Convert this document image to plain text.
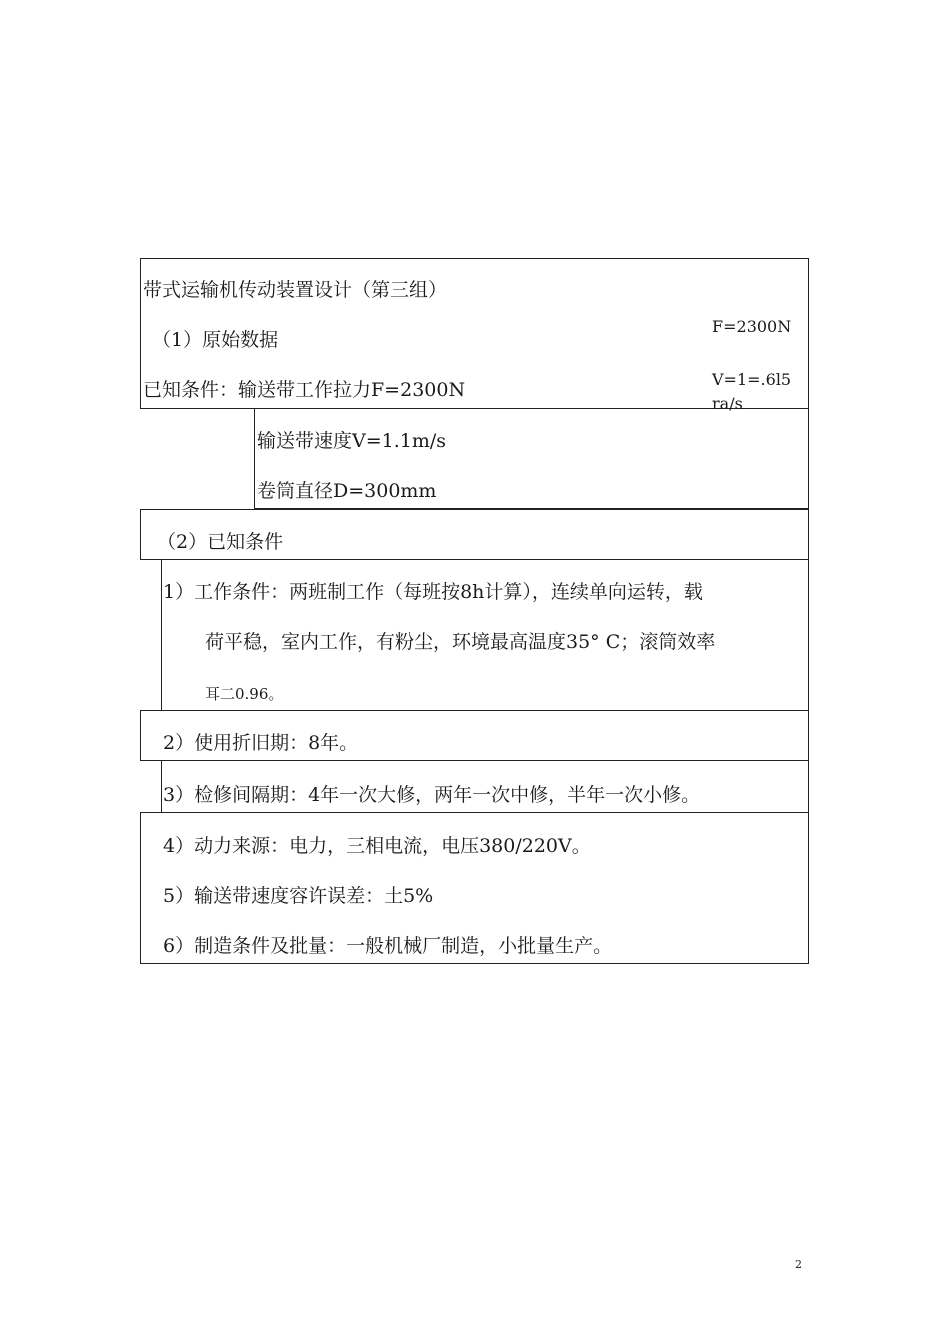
带式运输机传动装置设计（第三组）
（1）原始数据
已知条件：输送带工作拉力F=2300N
F=2300N
V=1=.6l5
ra/s
输送带速度V=1.1m/s
卷筒直径D=300mm
（2）已知条件
1）工作条件：两班制工作（每班按8h计算），连续单向运转，载
荷平稳，室内工作，有粉尘，环境最高温度35° C；滚筒效率
耳二0.96。
2）使用折旧期：8年。
3）检修间隔期：4年一次大修，两年一次中修，半年一次小修。
4）动力来源：电力，三相电流，电压380/220V。
5）输送带速度容许误差：土5%
6）制造条件及批量：一般机械厂制造，小批量生产。
2
